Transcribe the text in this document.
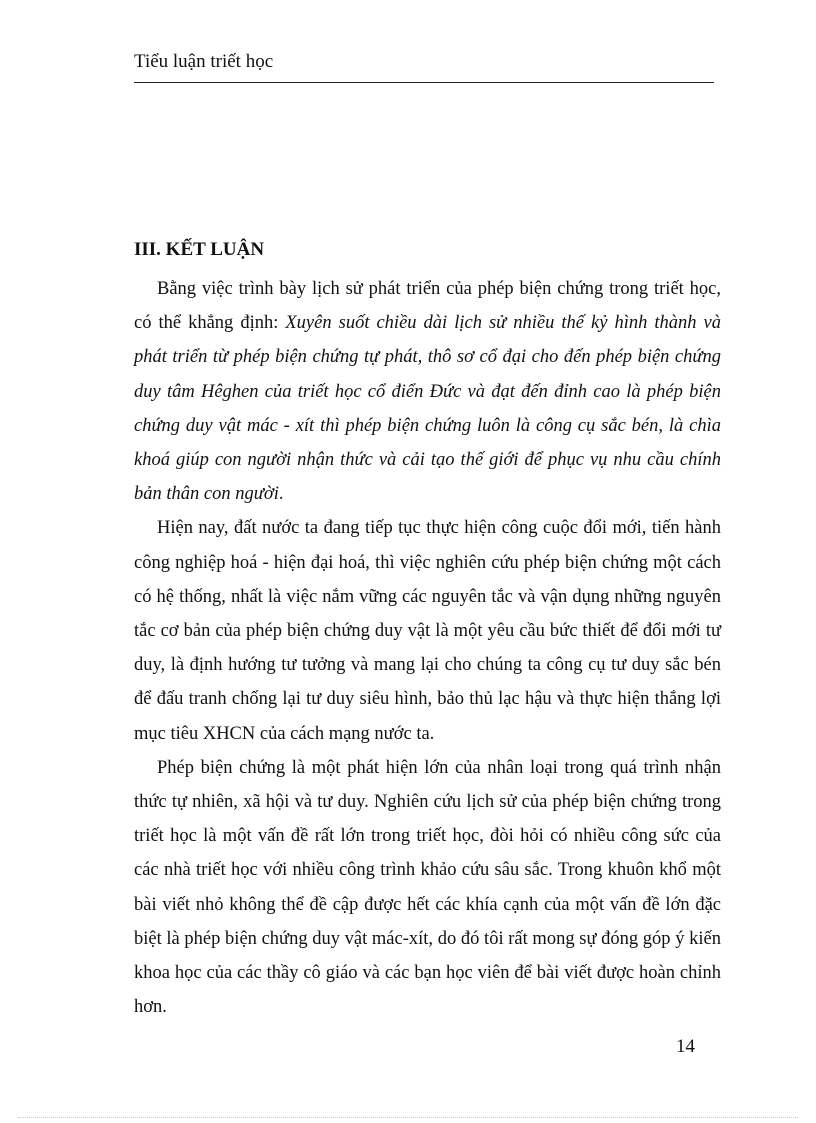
Tiểu luận triết học
III. KẾT LUẬN

Bằng việc trình bày lịch sử phát triển của phép biện chứng trong triết học, có thể khẳng định: Xuyên suốt chiều dài lịch sử nhiều thế kỷ hình thành và phát triển từ phép biện chứng tự phát, thô sơ cổ đại cho đến phép biện chứng duy tâm Hêghen của triết học cổ điển Đức và đạt đến đỉnh cao là phép biện chứng duy vật mác - xít thì phép biện chứng luôn là công cụ sắc bén, là chìa khoá giúp con người nhận thức và cải tạo thế giới để phục vụ nhu cầu chính bản thân con người.

Hiện nay, đất nước ta đang tiếp tục thực hiện công cuộc đổi mới, tiến hành công nghiệp hoá - hiện đại hoá, thì việc nghiên cứu phép biện chứng một cách có hệ thống, nhất là việc nắm vững các nguyên tắc và vận dụng những nguyên tắc cơ bản của phép biện chứng duy vật là một yêu cầu bức thiết để đổi mới tư duy, là định hướng tư tưởng và mang lại cho chúng ta công cụ tư duy sắc bén để đấu tranh chống lại tư duy siêu hình, bảo thủ lạc hậu và thực hiện thắng lợi mục tiêu XHCN của cách mạng nước ta.

Phép biện chứng là một phát hiện lớn của nhân loại trong quá trình nhận thức tự nhiên, xã hội và tư duy. Nghiên cứu lịch sử của phép biện chứng trong triết học là một vấn đề rất lớn trong triết học, đòi hỏi có nhiều công sức của các nhà triết học với nhiều công trình khảo cứu sâu sắc. Trong khuôn khổ một bài viết nhỏ không thể đề cập được hết các khía cạnh của một vấn đề lớn đặc biệt là phép biện chứng duy vật mác-xít, do đó tôi rất mong sự đóng góp ý kiến khoa học của các thầy cô giáo và các bạn học viên để bài viết được hoàn chỉnh hơn.

14
